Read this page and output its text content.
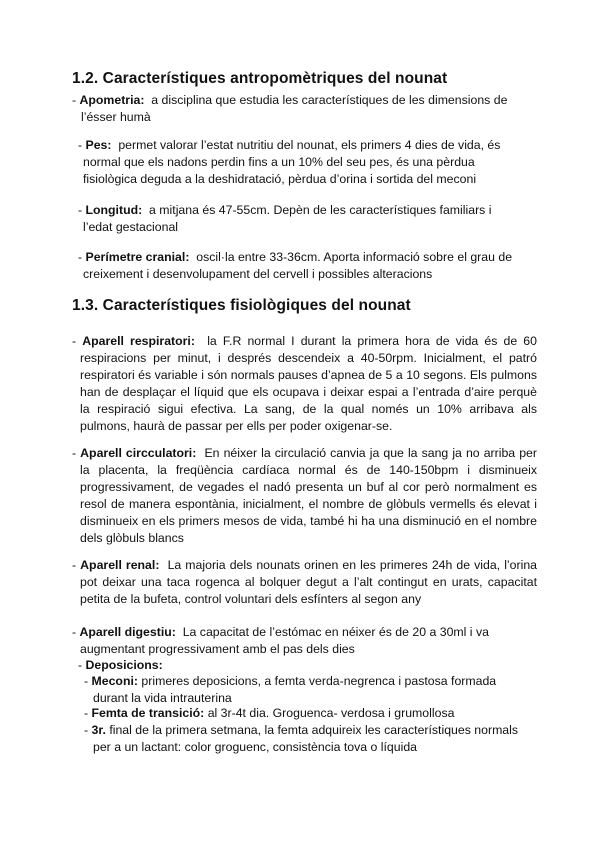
1.2. Característiques antropomètriques del nounat
- Apometria: a disciplina que estudia les característiques de les dimensions de l’ésser humà
- Pes: permet valorar l’estat nutritiu del nounat, els primers 4 dies de vida, és normal que els nadons perdin fins a un 10% del seu pes, és una pèrdua fisiològica deguda a la deshidratació, pèrdua d’orina i sortida del meconi
- Longitud: a mitjana és 47-55cm. Depèn de les característiques familiars i l’edat gestacional
- Perímetre cranial: oscil·la entre 33-36cm. Aporta informació sobre el grau de creixement i desenvolupament del cervell i possibles alteracions
1.3. Característiques fisiològiques del nounat
- Aparell respiratori: la F.R normal I durant la primera hora de vida és de 60 respiracions per minut, i després descendeix a 40-50rpm. Inicialment, el patró respiratori és variable i són normals pauses d’apnea de 5 a 10 segons. Els pulmons han de desplaçar el líquid que els ocupava i deixar espai a l’entrada d’aire perquè la respiració sigui efectiva. La sang, de la qual només un 10% arribava als pulmons, haurà de passar per ells per poder oxigenar-se.
- Aparell circculatori: En néixer la circulació canvia ja que la sang ja no arriba per la placenta, la freqüència cardíaca normal és de 140-150bpm i disminueix progressivament, de vegades el nadó presenta un buf al cor però normalment es resol de manera espontània, inicialment, el nombre de glòbuls vermells és elevat i disminueix en els primers mesos de vida, també hi ha una disminució en el nombre dels glòbuls blancs
- Aparell renal: La majoria dels nounats orinen en les primeres 24h de vida, l’orina pot deixar una taca rogenca al bolquer degut a l’alt contingut en urats, capacitat petita de la bufeta, control voluntari dels esfínters al segon any
- Aparell digestiu: La capacitat de l’estómac en néixer és de 20 a 30ml i va augmentant progressivament amb el pas dels dies
- Deposicions:
- Meconi: primeres deposicions, a femta verda-negrenca i pastosa formada durant la vida intrauterina
- Femta de transició: al 3r-4t dia. Groguenca- verdosa i grumollosa
- 3r. final de la primera setmana, la femta adquireix les característiques normals per a un lactant: color groguenc, consistència tova o líquida
